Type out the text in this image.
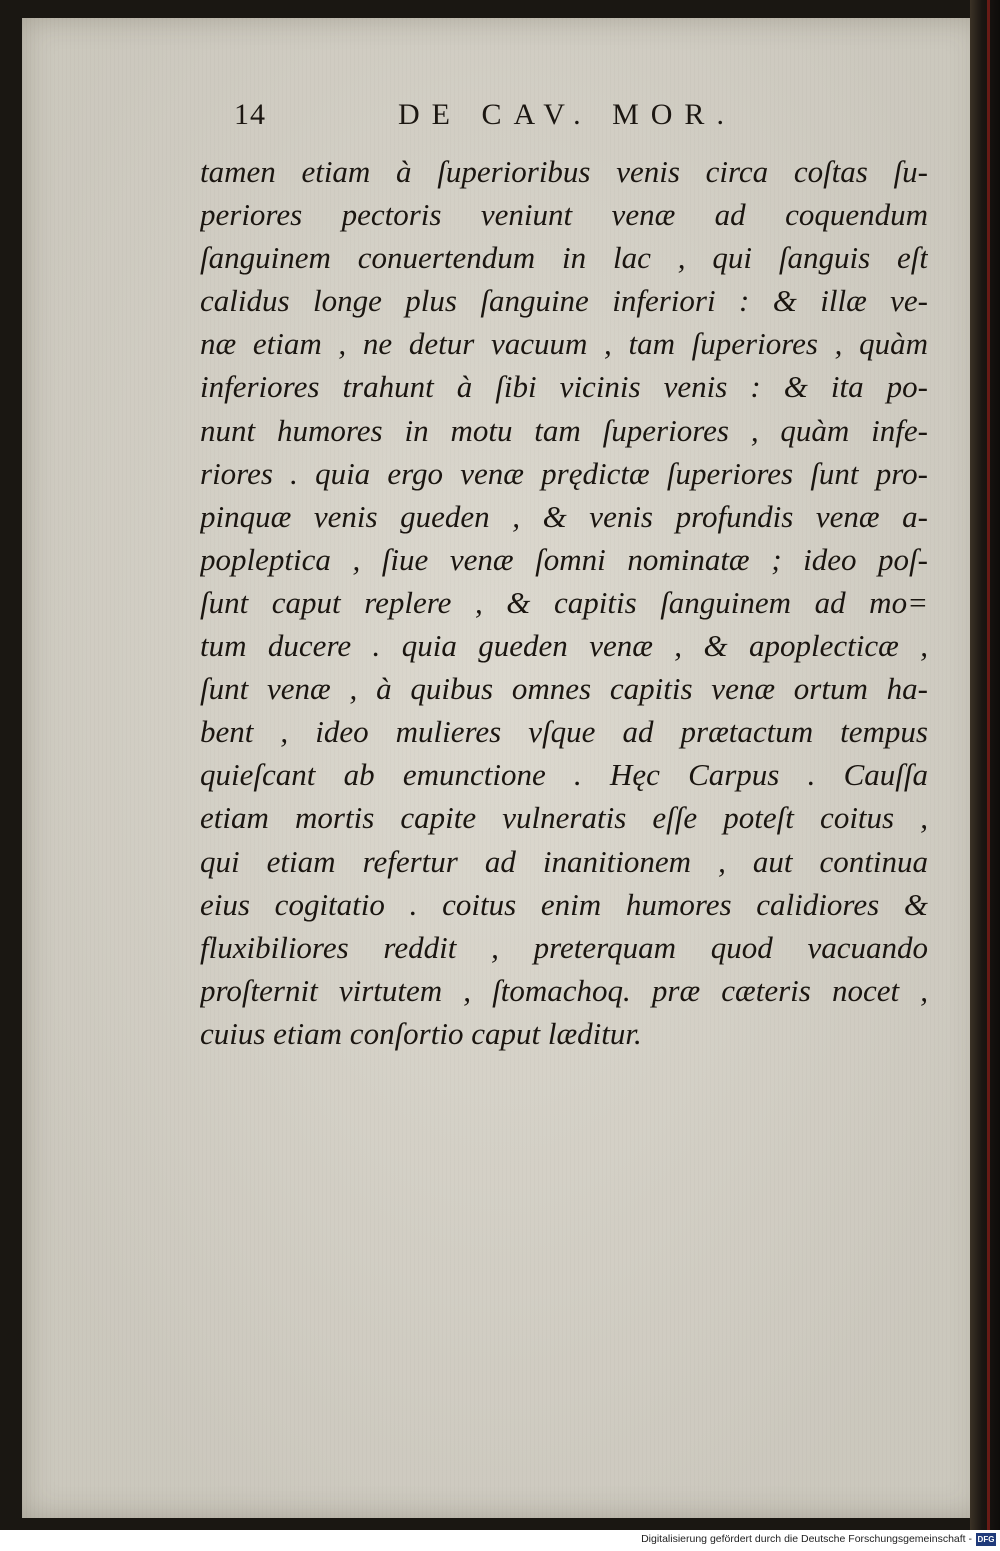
14	DE CAV. MOR.
tamen etiam à ſuperioribus venis circa coſtas ſu-
periores pectoris veniunt venæ ad coquendum
ſanguinem conuertendum in lac , qui ſanguis eſt
calidus longe plus ſanguine inferiori : & illæ ve-
næ etiam , ne detur vacuum , tam ſuperiores , quàm
inferiores trahunt à ſibi vicinis venis : & ita po-
nunt humores in motu tam ſuperiores , quàm infe-
riores . quia ergo venæ prędictæ ſuperiores ſunt pro-
pinquæ venis gueden , & venis profundis venæ a-
popleptica , ſiue venæ ſomni nominatæ ; ideo poſ-
ſunt caput replere , & capitis ſanguinem ad mo=
tum ducere . quia gueden venæ , & apoplecticæ ,
ſunt venæ , à quibus omnes capitis venæ ortum ha-
bent , ideo mulieres vſque ad prætactum tempus
quieſcant ab emunctione . Hęc Carpus . Cauſſa
etiam mortis capite vulneratis eſſe poteſt coitus ,
qui etiam refertur ad inanitionem , aut continua
eius cogitatio . coitus enim humores calidiores &
fluxibiliores reddit , preterquam quod vacuando
proſternit virtutem , ſtomachoq. præ cæteris nocet ,
cuius etiam conſortio caput læditur.
Digitalisierung gefördert durch die Deutsche Forschungsgemeinschaft - DFG
